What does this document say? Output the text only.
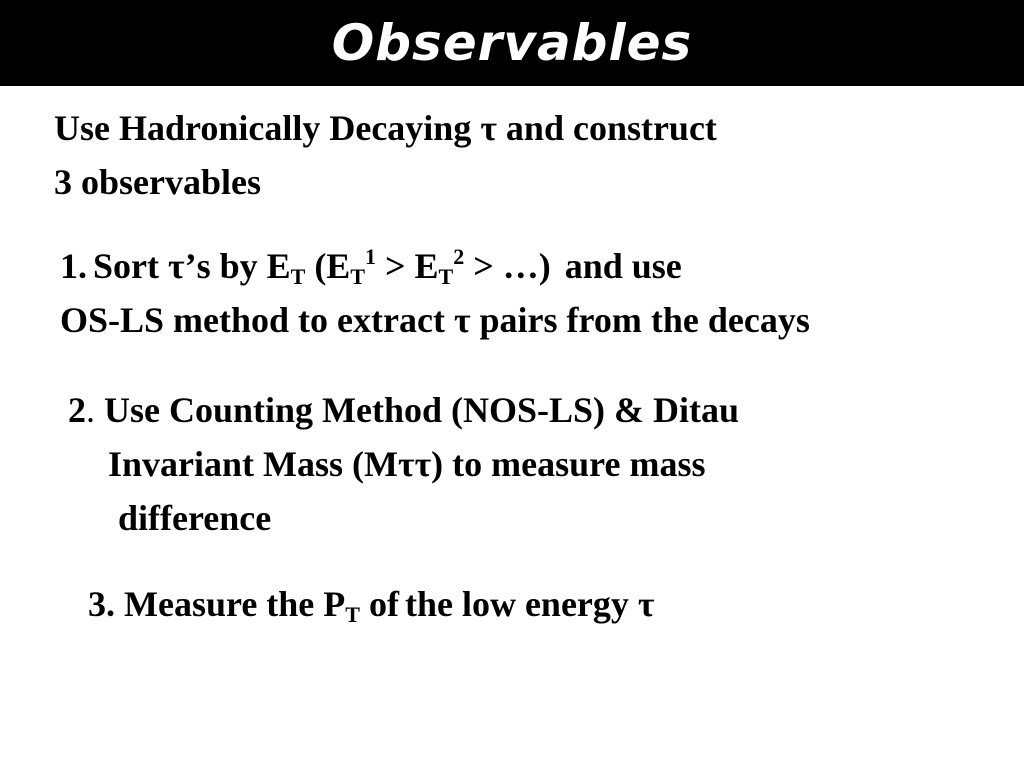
Observables
Use Hadronically Decaying τ and construct
3 observables
1. Sort τ’s by $E_T$ ($E_T^1 > E_T^2$ > …) and use
OS-LS method to extract τ pairs from the decays
2. Use Counting Method (NOS-LS) & Ditau
Invariant Mass (Mττ) to measure mass
difference
3. Measure the $P_T$ of the low energy τ
